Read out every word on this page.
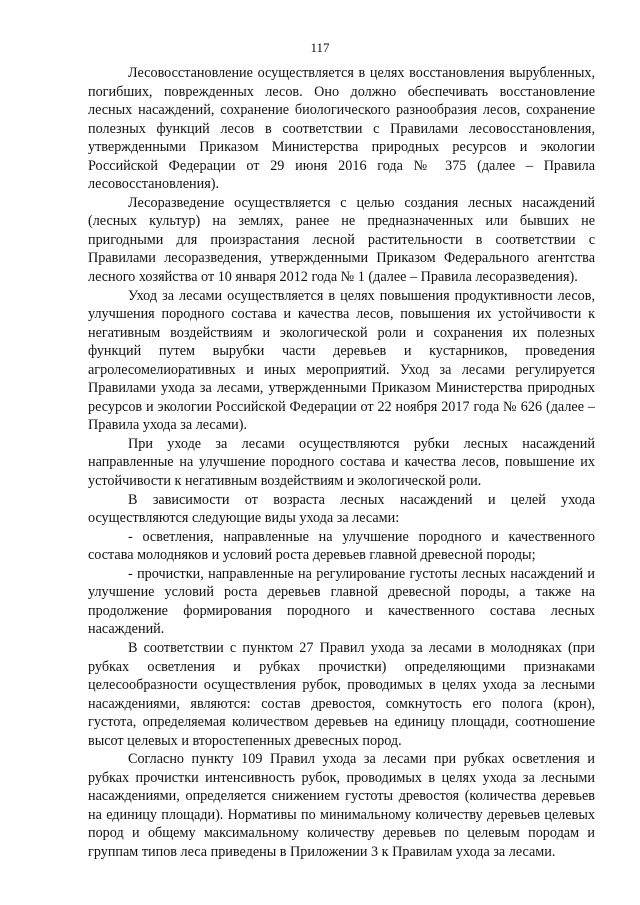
117

Лесовосстановление осуществляется в целях восстановления вырубленных, погибших, поврежденных лесов. Оно должно обеспечивать восстановление лесных насаждений, сохранение биологического разнообразия лесов, сохранение полезных функций лесов в соответствии с Правилами лесовосстановления, утвержденными Приказом Министерства природных ресурсов и экологии Российской Федерации от 29 июня 2016 года № 375 (далее – Правила лесовосстановления).

Лесоразведение осуществляется с целью создания лесных насаждений (лесных культур) на землях, ранее не предназначенных или бывших не пригодными для произрастания лесной растительности в соответствии с Правилами лесоразведения, утвержденными Приказом Федерального агентства лесного хозяйства от 10 января 2012 года № 1 (далее – Правила лесоразведения).

Уход за лесами осуществляется в целях повышения продуктивности лесов, улучшения породного состава и качества лесов, повышения их устойчивости к негативным воздействиям и экологической роли и сохранения их полезных функций путем вырубки части деревьев и кустарников, проведения агролесомелиоративных и иных мероприятий. Уход за лесами регулируется Правилами ухода за лесами, утвержденными Приказом Министерства природных ресурсов и экологии Российской Федерации от 22 ноября 2017 года № 626 (далее – Правила ухода за лесами).

При уходе за лесами осуществляются рубки лесных насаждений направленные на улучшение породного состава и качества лесов, повышение их устойчивости к негативным воздействиям и экологической роли.

В зависимости от возраста лесных насаждений и целей ухода осуществляются следующие виды ухода за лесами:

- осветления, направленные на улучшение породного и качественного состава молодняков и условий роста деревьев главной древесной породы;

- прочистки, направленные на регулирование густоты лесных насаждений и улучшение условий роста деревьев главной древесной породы, а также на продолжение формирования породного и качественного состава лесных насаждений.

В соответствии с пунктом 27 Правил ухода за лесами в молодняках (при рубках осветления и рубках прочистки) определяющими признаками целесообразности осуществления рубок, проводимых в целях ухода за лесными насаждениями, являются: состав древостоя, сомкнутость его полога (крон), густота, определяемая количеством деревьев на единицу площади, соотношение высот целевых и второстепенных древесных пород.

Согласно пункту 109 Правил ухода за лесами при рубках осветления и рубках прочистки интенсивность рубок, проводимых в целях ухода за лесными насаждениями, определяется снижением густоты древостоя (количества деревьев на единицу площади). Нормативы по минимальному количеству деревьев целевых пород и общему максимальному количеству деревьев по целевым породам и группам типов леса приведены в Приложении 3 к Правилам ухода за лесами.
